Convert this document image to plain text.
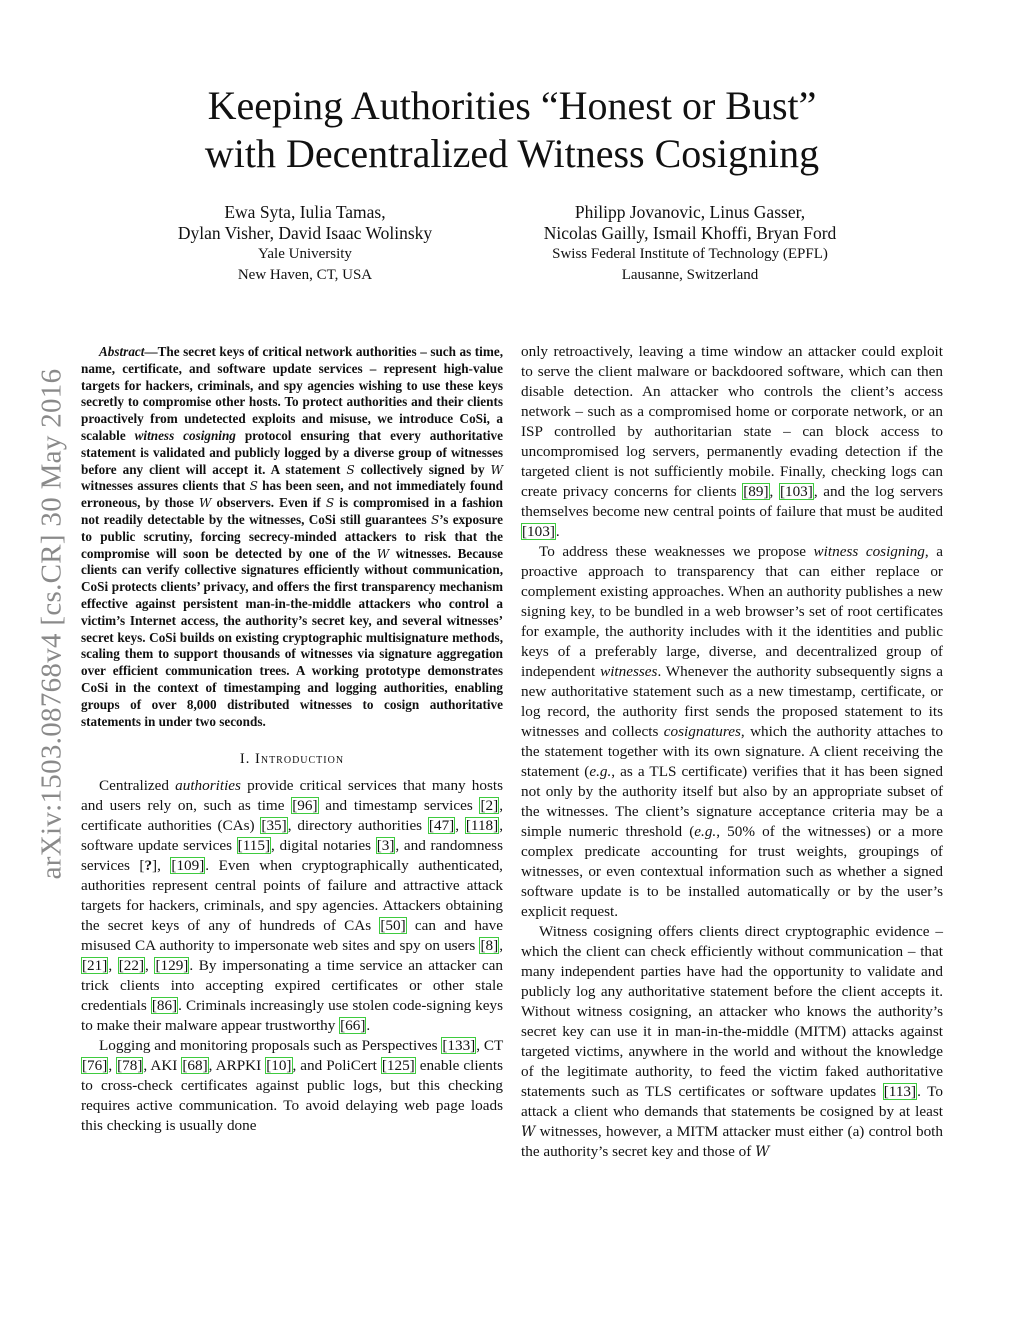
Keeping Authorities “Honest or Bust”
with Decentralized Witness Cosigning
Ewa Syta, Iulia Tamas,
Dylan Visher, David Isaac Wolinsky
Yale University
New Haven, CT, USA
Philipp Jovanovic, Linus Gasser,
Nicolas Gailly, Ismail Khoffi, Bryan Ford
Swiss Federal Institute of Technology (EPFL)
Lausanne, Switzerland
arXiv:1503.08768v4 [cs.CR] 30 May 2016

Abstract—The secret keys of critical network authorities – such as time, name, certificate, and software update services – represent high-value targets for hackers, criminals, and spy agencies wishing to use these keys secretly to compromise other hosts. To protect authorities and their clients proactively from undetected exploits and misuse, we introduce CoSi, a scalable witness cosigning protocol ensuring that every authoritative statement is validated and publicly logged by a diverse group of witnesses before any client will accept it. A statement S collectively signed by W witnesses assures clients that S has been seen, and not immediately found erroneous, by those W observers. Even if S is compromised in a fashion not readily detectable by the witnesses, CoSi still guarantees S’s exposure to public scrutiny, forcing secrecy-minded attackers to risk that the compromise will soon be detected by one of the W witnesses. Because clients can verify collective signatures efficiently without communication, CoSi protects clients’ privacy, and offers the first transparency mechanism effective against persistent man-in-the-middle attackers who control a victim’s Internet access, the authority’s secret key, and several witnesses’ secret keys. CoSi builds on existing cryptographic multisignature methods, scaling them to support thousands of witnesses via signature aggregation over efficient communication trees. A working prototype demonstrates CoSi in the context of timestamping and logging authorities, enabling groups of over 8,000 distributed witnesses to cosign authoritative statements in under two seconds.

I. Introduction

Centralized authorities provide critical services that many hosts and users rely on, such as time [96] and timestamp services [2], certificate authorities (CAs) [35], directory authorities [47], [118], software update services [115], digital notaries [3], and randomness services [?], [109]. Even when cryptographically authenticated, authorities represent central points of failure and attractive attack targets for hackers, criminals, and spy agencies. Attackers obtaining the secret keys of any of hundreds of CAs [50] can and have misused CA authority to impersonate web sites and spy on users [8], [21], [22], [129]. By impersonating a time service an attacker can trick clients into accepting expired certificates or other stale credentials [86]. Criminals increasingly use stolen code-signing keys to make their malware appear trustworthy [66].

Logging and monitoring proposals such as Perspectives [133], CT [76], [78], AKI [68], ARPKI [10], and PoliCert [125] enable clients to cross-check certificates against public logs, but this checking requires active communication. To avoid delaying web page loads this checking is usually done

only retroactively, leaving a time window an attacker could exploit to serve the client malware or backdoored software, which can then disable detection. An attacker who controls the client’s access network – such as a compromised home or corporate network, or an ISP controlled by authoritarian state – can block access to uncompromised log servers, permanently evading detection if the targeted client is not sufficiently mobile. Finally, checking logs can create privacy concerns for clients [89], [103], and the log servers themselves become new central points of failure that must be audited [103].

To address these weaknesses we propose witness cosigning, a proactive approach to transparency that can either replace or complement existing approaches. When an authority publishes a new signing key, to be bundled in a web browser’s set of root certificates for example, the authority includes with it the identities and public keys of a preferably large, diverse, and decentralized group of independent witnesses. Whenever the authority subsequently signs a new authoritative statement such as a new timestamp, certificate, or log record, the authority first sends the proposed statement to its witnesses and collects cosignatures, which the authority attaches to the statement together with its own signature. A client receiving the statement (e.g., as a TLS certificate) verifies that it has been signed not only by the authority itself but also by an appropriate subset of the witnesses. The client’s signature acceptance criteria may be a simple numeric threshold (e.g., 50% of the witnesses) or a more complex predicate accounting for trust weights, groupings of witnesses, or even contextual information such as whether a signed software update is to be installed automatically or by the user’s explicit request.

Witness cosigning offers clients direct cryptographic evidence – which the client can check efficiently without communication – that many independent parties have had the opportunity to validate and publicly log any authoritative statement before the client accepts it. Without witness cosigning, an attacker who knows the authority’s secret key can use it in man-in-the-middle (MITM) attacks against targeted victims, anywhere in the world and without the knowledge of the legitimate authority, to feed the victim faked authoritative statements such as TLS certificates or software updates [113]. To attack a client who demands that statements be cosigned by at least W witnesses, however, a MITM attacker must either (a) control both the authority’s secret key and those of W
